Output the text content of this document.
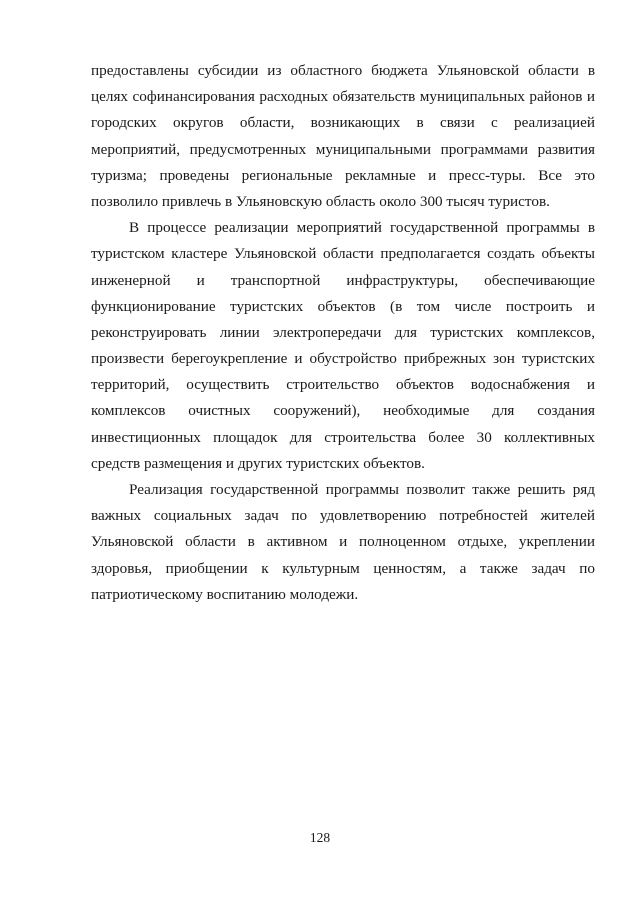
предоставлены субсидии из областного бюджета Ульяновской области в
целях софинансирования расходных обязательств муниципальных районов и
городских округов области, возникающих в связи с реализацией
мероприятий, предусмотренных муниципальными программами развития
туризма; проведены региональные рекламные и пресс-туры. Все это
позволило привлечь в Ульяновскую область около 300 тысяч туристов.
В процессе реализации мероприятий государственной программы в
туристском кластере Ульяновской области предполагается создать объекты
инженерной и транспортной инфраструктуры, обеспечивающие
функционирование туристских объектов (в том числе построить и
реконструировать линии электропередачи для туристских комплексов,
произвести берегоукрепление и обустройство прибрежных зон туристских
территорий, осуществить строительство объектов водоснабжения и
комплексов очистных сооружений), необходимые для создания
инвестиционных площадок для строительства более 30 коллективных
средств размещения и других туристских объектов.
Реализация государственной программы позволит также решить ряд
важных социальных задач по удовлетворению потребностей жителей
Ульяновской области в активном и полноценном отдыхе, укреплении
здоровья, приобщении к культурным ценностям, а также задач по
патриотическому воспитанию молодежи.
128
